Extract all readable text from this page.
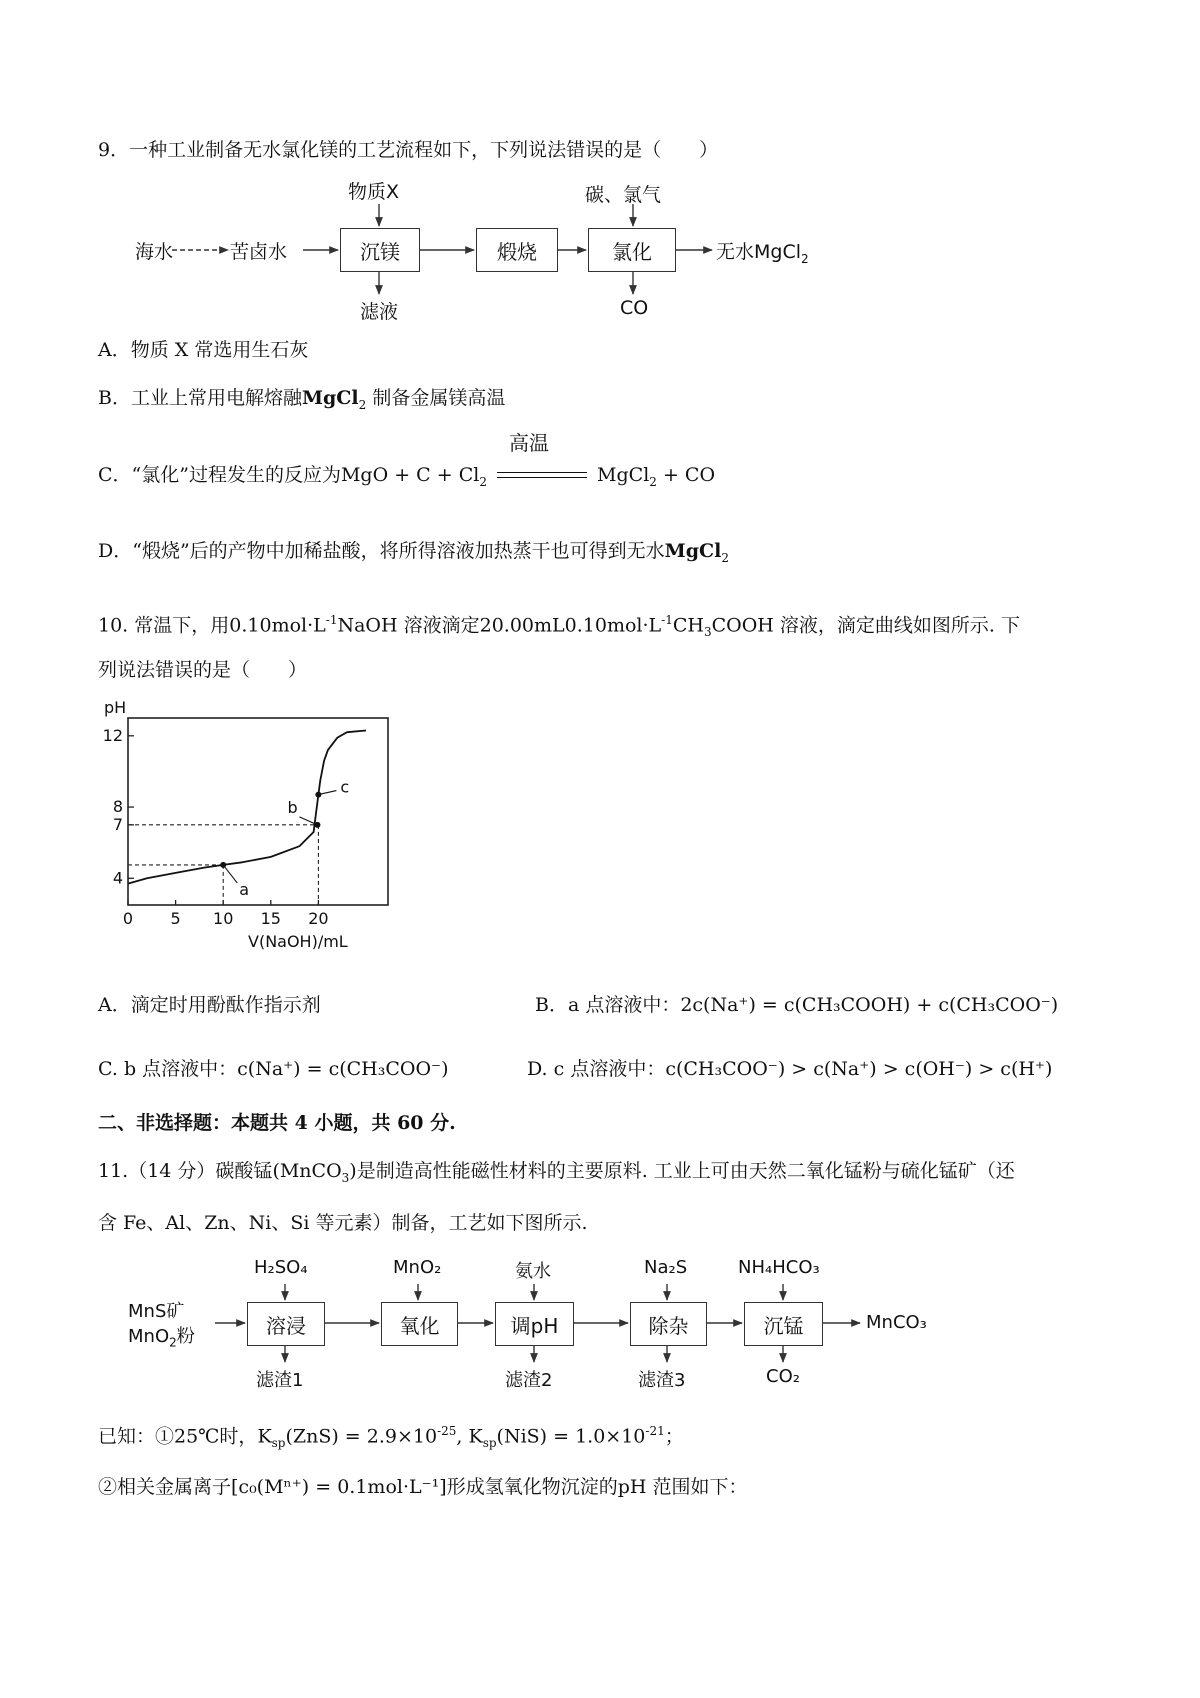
9．一种工业制备无水氯化镁的工艺流程如下，下列说法错误的是（　　）
海水	苦卤水	沉镁	煅烧	氯化
物质X	碳、氯气
滤液	CO
无水MgCl$_2$
A．物质 X 常选用生石灰
B．工业上常用电解熔融MgCl$_2$ 制备金属镁高温
C．“氯化”过程发生的反应为MgO + $C + Cl_2$
高温
MgCl$_2$ + CO
D．“煅烧”后的产物中加稀盐酸，将所得溶液加热蒸干也可得到无水MgCl$_2$
10. 常温下，用$0.10mol\cdot L^{-1}NaOH$ 溶液滴定$20.00mL0.10mol\cdot L^{-1}CH_3COOH$ 溶液，滴定曲线如图所示. 下
列说法错误的是（　　）
pH
4
7
8
12
0 5 10 15 20
V(NaOH)/mL
a
b
c
A．滴定时用酚酞作指示剂	B．a 点溶液中：2c(Na⁺) = c(CH₃COOH) + c(CH₃COO⁻)
C. b 点溶液中：c(Na⁺) = c(CH₃COO⁻)	D. c 点溶液中：c(CH₃COO⁻) > c(Na⁺) > c(OH⁻) > c(H⁺)
二、非选择题：本题共 4 小题，共 60 分.
11.（14 分）碳酸锰(MnCO$_3$)是制造高性能磁性材料的主要原料. 工业上可由天然二氧化锰粉与硫化锰矿（还
含 Fe、Al、Zn、Ni、Si 等元素）制备，工艺如下图所示.
MnS矿
MnO$_2$粉	溶浸	氧化	调pH	除杂	沉锰
H₂SO₄	MnO₂	氨水	Na₂S	NH₄HCO₃
滤渣1	滤渣2	滤渣3	CO₂
MnCO₃
已知：①25℃时，$K_{sp}(ZnS) = 2.9\times 10^{-25}$, $K_{sp}(NiS) = 1.0\times 10^{-21}$；
②相关金属离子[c₀(Mⁿ⁺) = 0.1mol·L⁻¹]形成氢氧化物沉淀的pH 范围如下：
